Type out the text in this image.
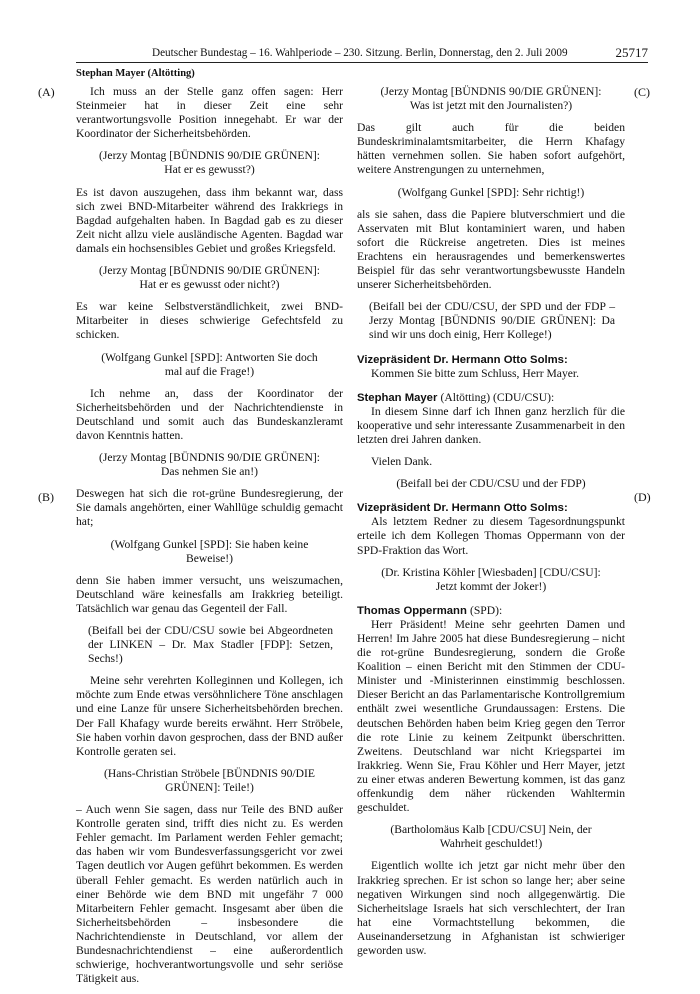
Deutscher Bundestag – 16. Wahlperiode – 230. Sitzung. Berlin, Donnerstag, den 2. Juli 2009	25717
Stephan Mayer (Altötting)
(A)
(B)
(C)
(D)

Ich muss an der Stelle ganz offen sagen: Herr Steinmeier hat in dieser Zeit eine sehr verantwortungsvolle Position innegehabt. Er war der Koordinator der Sicherheitsbehörden.

(Jerzy Montag [BÜNDNIS 90/DIE GRÜNEN]: Hat er es gewusst?)

Es ist davon auszugehen, dass ihm bekannt war, dass sich zwei BND-Mitarbeiter während des Irakkriegs in Bagdad aufgehalten haben. In Bagdad gab es zu dieser Zeit nicht allzu viele ausländische Agenten. Bagdad war damals ein hochsensibles Gebiet und großes Kriegsfeld.

(Jerzy Montag [BÜNDNIS 90/DIE GRÜNEN]: Hat er es gewusst oder nicht?)

Es war keine Selbstverständlichkeit, zwei BND-Mitarbeiter in dieses schwierige Gefechtsfeld zu schicken.

(Wolfgang Gunkel [SPD]: Antworten Sie doch mal auf die Frage!)

Ich nehme an, dass der Koordinator der Sicherheitsbehörden und der Nachrichtendienste in Deutschland und somit auch das Bundeskanzleramt davon Kenntnis hatten.

(Jerzy Montag [BÜNDNIS 90/DIE GRÜNEN]: Das nehmen Sie an!)

Deswegen hat sich die rot-grüne Bundesregierung, der Sie damals angehörten, einer Wahllüge schuldig gemacht hat;

(Wolfgang Gunkel [SPD]: Sie haben keine Beweise!)

denn Sie haben immer versucht, uns weiszumachen, Deutschland wäre keinesfalls am Irakkrieg beteiligt. Tatsächlich war genau das Gegenteil der Fall.

(Beifall bei der CDU/CSU sowie bei Abgeordneten der LINKEN – Dr. Max Stadler [FDP]: Setzen, Sechs!)

Meine sehr verehrten Kolleginnen und Kollegen, ich möchte zum Ende etwas versöhnlichere Töne anschlagen und eine Lanze für unsere Sicherheitsbehörden brechen. Der Fall Khafagy wurde bereits erwähnt. Herr Ströbele, Sie haben vorhin davon gesprochen, dass der BND außer Kontrolle geraten sei.

(Hans-Christian Ströbele [BÜNDNIS 90/DIE GRÜNEN]: Teile!)

– Auch wenn Sie sagen, dass nur Teile des BND außer Kontrolle geraten sind, trifft dies nicht zu. Es werden Fehler gemacht. Im Parlament werden Fehler gemacht; das haben wir vom Bundesverfassungsgericht vor zwei Tagen deutlich vor Augen geführt bekommen. Es werden überall Fehler gemacht. Es werden natürlich auch in einer Behörde wie dem BND mit ungefähr 7 000 Mitarbeitern Fehler gemacht. Insgesamt aber üben die Sicherheitsbehörden – insbesondere die Nachrichtendienste in Deutschland, vor allem der Bundesnachrichtendienst – eine außerordentlich schwierige, hochverantwortungsvolle und sehr seriöse Tätigkeit aus.

(Jerzy Montag [BÜNDNIS 90/DIE GRÜNEN]: Was ist jetzt mit den Journalisten?)

Das gilt auch für die beiden Bundeskriminalamtsmitarbeiter, die Herrn Khafagy hätten vernehmen sollen. Sie haben sofort aufgehört, weitere Anstrengungen zu unternehmen,

(Wolfgang Gunkel [SPD]: Sehr richtig!)

als sie sahen, dass die Papiere blutverschmiert und die Asservaten mit Blut kontaminiert waren, und haben sofort die Rückreise angetreten. Dies ist meines Erachtens ein herausragendes und bemerkenswertes Beispiel für das sehr verantwortungsbewusste Handeln unserer Sicherheitsbehörden.

(Beifall bei der CDU/CSU, der SPD und der FDP – Jerzy Montag [BÜNDNIS 90/DIE GRÜNEN]: Da sind wir uns doch einig, Herr Kollege!)

Vizepräsident Dr. Hermann Otto Solms:

Kommen Sie bitte zum Schluss, Herr Mayer.

Stephan Mayer (Altötting) (CDU/CSU):

In diesem Sinne darf ich Ihnen ganz herzlich für die kooperative und sehr interessante Zusammenarbeit in den letzten drei Jahren danken.

Vielen Dank.

(Beifall bei der CDU/CSU und der FDP)

Vizepräsident Dr. Hermann Otto Solms:

Als letztem Redner zu diesem Tagesordnungspunkt erteile ich dem Kollegen Thomas Oppermann von der SPD-Fraktion das Wort.

(Dr. Kristina Köhler [Wiesbaden] [CDU/CSU]: Jetzt kommt der Joker!)

Thomas Oppermann (SPD):

Herr Präsident! Meine sehr geehrten Damen und Herren! Im Jahre 2005 hat diese Bundesregierung – nicht die rot-grüne Bundesregierung, sondern die Große Koalition – einen Bericht mit den Stimmen der CDU-Minister und -Ministerinnen einstimmig beschlossen. Dieser Bericht an das Parlamentarische Kontrollgremium enthält zwei wesentliche Grundaussagen: Erstens. Die deutschen Behörden haben beim Krieg gegen den Terror die rote Linie zu keinem Zeitpunkt überschritten. Zweitens. Deutschland war nicht Kriegspartei im Irakkrieg. Wenn Sie, Frau Köhler und Herr Mayer, jetzt zu einer etwas anderen Bewertung kommen, ist das ganz offenkundig dem näher rückenden Wahltermin geschuldet.

(Bartholomäus Kalb [CDU/CSU] Nein, der Wahrheit geschuldet!)

Eigentlich wollte ich jetzt gar nicht mehr über den Irakkrieg sprechen. Er ist schon so lange her; aber seine negativen Wirkungen sind noch allgegenwärtig. Die Sicherheitslage Israels hat sich verschlechtert, der Iran hat eine Vormachtstellung bekommen, die Auseinandersetzung in Afghanistan ist schwieriger geworden usw.
